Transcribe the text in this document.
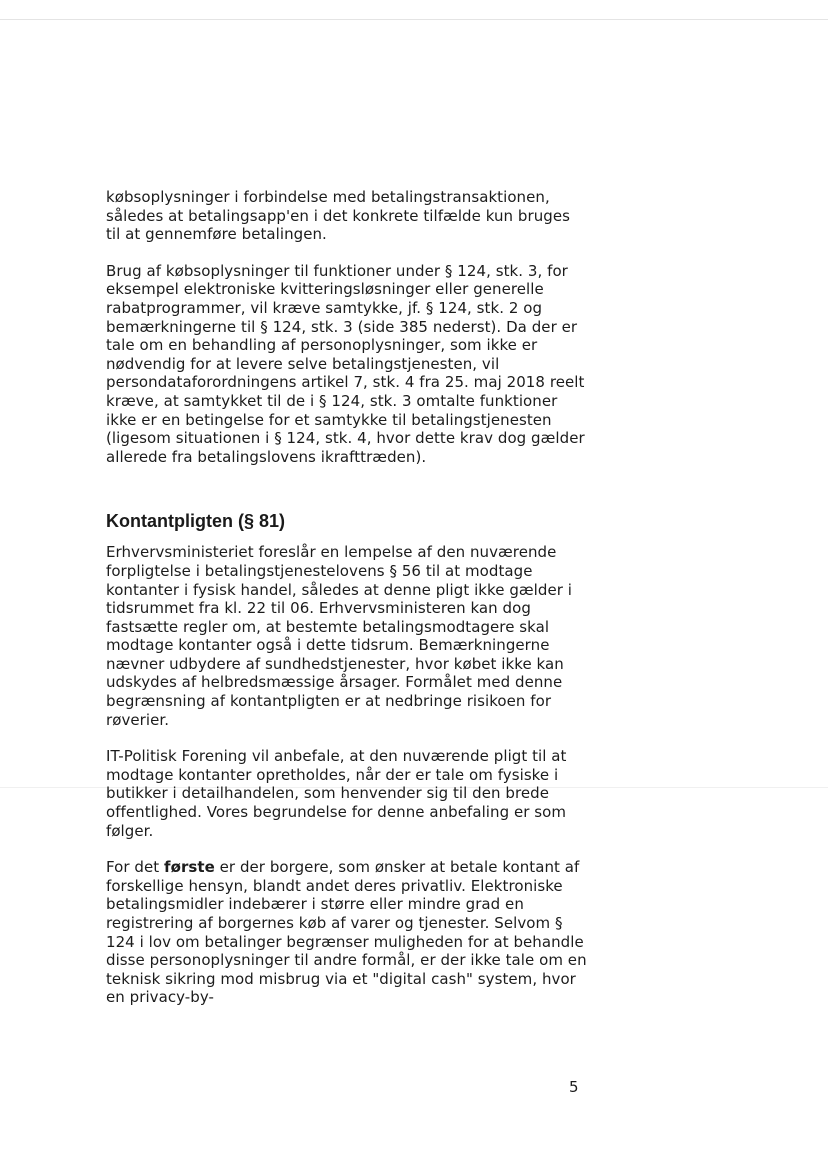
købsoplysninger i forbindelse med betalingstransaktionen, således at betalingsapp'en i det konkrete tilfælde kun bruges til at gennemføre betalingen.

Brug af købsoplysninger til funktioner under § 124, stk. 3, for eksempel elektroniske kvitteringsløsninger eller generelle rabatprogrammer, vil kræve samtykke, jf. § 124, stk. 2 og bemærkningerne til § 124, stk. 3 (side 385 nederst). Da der er tale om en behandling af personoplysninger, som ikke er nødvendig for at levere selve betalingstjenesten, vil persondataforordningens artikel 7, stk. 4 fra 25. maj 2018 reelt kræve, at samtykket til de i § 124, stk. 3 omtalte funktioner ikke er en betingelse for et samtykke til betalingstjenesten (ligesom situationen i § 124, stk. 4, hvor dette krav dog gælder allerede fra betalingslovens ikrafttræden).

Kontantpligten (§ 81)

Erhvervsministeriet foreslår en lempelse af den nuværende forpligtelse i betalingstjenestelovens § 56 til at modtage kontanter i fysisk handel, således at denne pligt ikke gælder i tidsrummet fra kl. 22 til 06. Erhvervsministeren kan dog fastsætte regler om, at bestemte betalingsmodtagere skal modtage kontanter også i dette tidsrum. Bemærkningerne nævner udbydere af sundhedstjenester, hvor købet ikke kan udskydes af helbredsmæssige årsager. Formålet med denne begrænsning af kontantpligten er at nedbringe risikoen for røverier.

IT-Politisk Forening vil anbefale, at den nuværende pligt til at modtage kontanter opretholdes, når der er tale om fysiske i butikker i detailhandelen, som henvender sig til den brede offentlighed. Vores begrundelse for denne anbefaling er som følger.

For det første er der borgere, som ønsker at betale kontant af forskellige hensyn, blandt andet deres privatliv. Elektroniske betalingsmidler indebærer i større eller mindre grad en registrering af borgernes køb af varer og tjenester. Selvom § 124 i lov om betalinger begrænser muligheden for at behandle disse personoplysninger til andre formål, er der ikke tale om en teknisk sikring mod misbrug via et "digital cash" system, hvor en privacy-by-

5
